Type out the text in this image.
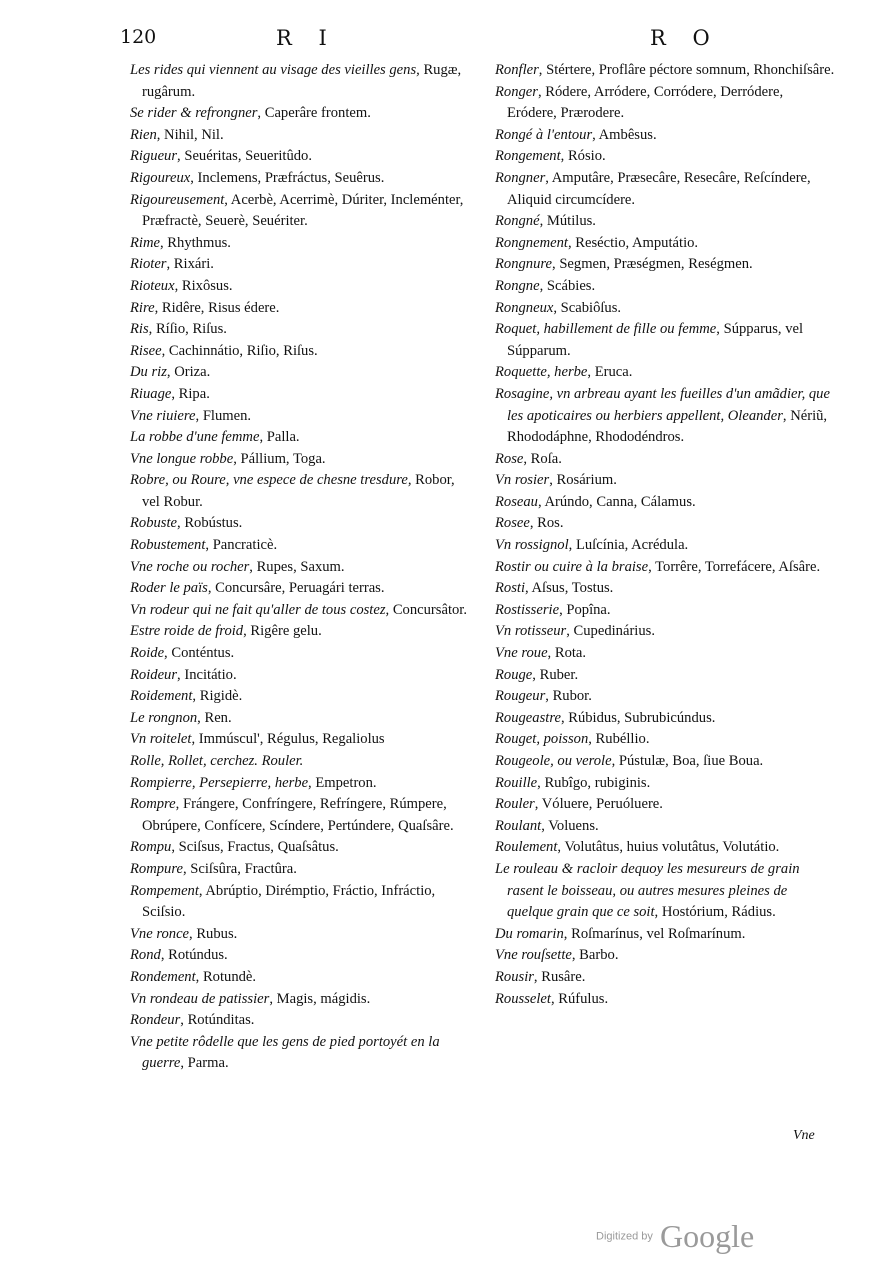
120	R I	R O
Les rides qui viennent au visage des vieilles gens, Rugæ, rugârum.
Se rider & refrongner, Caperâre frontem.
Rien, Nihil, Nil.
Rigueur, Seuéritas, Seueritûdo.
Rigoureux, Inclemens, Præfráctus, Seuêrus.
Rigoureusement, Acerbè, Acerrimè, Dúriter, Incleménter, Præfractè, Seuerè, Seuériter.
Rime, Rhythmus.
Rioter, Rixári.
Rioteux, Rixôsus.
Rire, Ridêre, Risus édere.
Ris, Ríſio, Riſus.
Risee, Cachinnátio, Riſio, Riſus.
Du riz, Oriza.
Riuage, Ripa.
Vne riuiere, Flumen.
La robbe d'une femme, Palla.
Vne longue robbe, Pállium, Toga.
Robre, ou Roure, vne espece de chesne tresdure, Robor, vel Robur.
Robuste, Robústus.
Robustement, Pancraticè.
Vne roche ou rocher, Rupes, Saxum.
Roder le païs, Concursâre, Peruagári terras.
Vn rodeur qui ne fait qu'aller de tous costez, Concursâtor.
Estre roide de froid, Rigêre gelu.
Roide, Conténtus.
Roideur, Incitátio.
Roidement, Rigidè.
Le rongnon, Ren.
Vn roitelet, Immúscul', Régulus, Regaliolus
Rolle, Rollet, cerchez. Rouler.
Rompierre, Persepierre, herbe, Empetron.
Rompre, Frángere, Confríngere, Refríngere, Rúmpere, Obrúpere, Confícere, Scíndere, Pertúndere, Quaſsâre.
Rompu, Sciſsus, Fractus, Quaſsâtus.
Rompure, Sciſsûra, Fractûra.
Rompement, Abrúptio, Dirémptio, Fráctio, Infráctio, Sciſsio.
Vne ronce, Rubus.
Rond, Rotúndus.
Rondement, Rotundè.
Vn rondeau de patissier, Magis, mágidis.
Rondeur, Rotúnditas.
Vne petite rôdelle que les gens de pied portoyét en la guerre, Parma.
Ronfler, Stértere, Proflâre péctore somnum, Rhonchiſsâre.
Ronger, Ródere, Arródere, Corródere, Derródere, Eródere, Prærodere.
Rongé à l'entour, Ambêsus.
Rongement, Rósio.
Rongner, Amputâre, Præsecâre, Resecâre, Reſcíndere, Aliquid circumcídere.
Rongné, Mútilus.
Rongnement, Reséctio, Amputátio.
Rongnure, Segmen, Præségmen, Reségmen.
Rongne, Scábies.
Rongneux, Scabiôſus.
Roquet, habillement de fille ou femme, Súpparus, vel Súpparum.
Roquette, herbe, Eruca.
Rosagine, vn arbreau ayant les fueilles d'un amãdier, que les apoticaires ou herbiers appellent, Oleander, Nériũ, Rhododáphne, Rhododéndros.
Rose, Roſa.
Vn rosier, Rosárium.
Roseau, Arúndo, Canna, Cálamus.
Rosee, Ros.
Vn rossignol, Luſcínia, Acrédula.
Rostir ou cuire à la braise, Torrêre, Torrefácere, Aſsâre.
Rosti, Aſsus, Tostus.
Rostisserie, Popîna.
Vn rotisseur, Cupedinárius.
Vne roue, Rota.
Rouge, Ruber.
Rougeur, Rubor.
Rougeastre, Rúbidus, Subrubicúndus.
Rouget, poisson, Rubéllio.
Rougeole, ou verole, Pústulæ, Boa, ſiue Boua.
Rouille, Rubîgo, rubiginis.
Rouler, Vóluere, Peruóluere.
Roulant, Voluens.
Roulement, Volutâtus, huius volutâtus, Volutátio.
Le rouleau & racloir dequoy les mesureurs de grain rasent le boisseau, ou autres mesures pleines de quelque grain que ce soit, Hostórium, Rádius.
Du romarin, Roſmarínus, vel Roſmarínum.
Vne rouſsette, Barbo.
Rousir, Rusâre.
Rousselet, Rúfulus.
Vne
Digitized by Google
